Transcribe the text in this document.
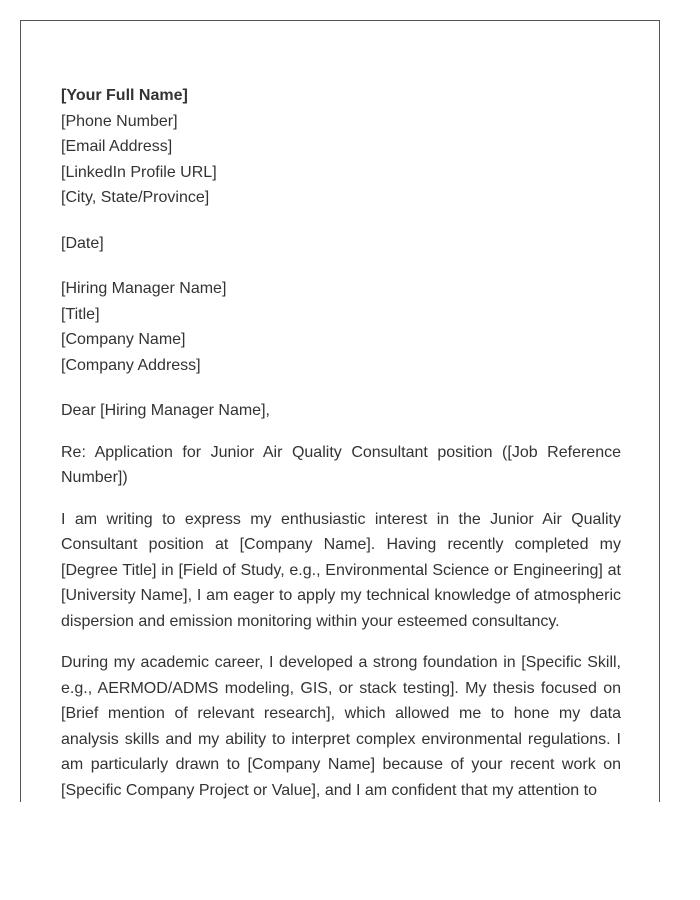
[Your Full Name]
[Phone Number]
[Email Address]
[LinkedIn Profile URL]
[City, State/Province]
[Date]
[Hiring Manager Name]
[Title]
[Company Name]
[Company Address]

Dear [Hiring Manager Name],

Re: Application for Junior Air Quality Consultant position ([Job Reference Number])

I am writing to express my enthusiastic interest in the Junior Air Quality Consultant position at [Company Name]. Having recently completed my [Degree Title] in [Field of Study, e.g., Environmental Science or Engineering] at [University Name], I am eager to apply my technical knowledge of atmospheric dispersion and emission monitoring within your esteemed consultancy.

During my academic career, I developed a strong foundation in [Specific Skill, e.g., AERMOD/ADMS modeling, GIS, or stack testing]. My thesis focused on [Brief mention of relevant research], which allowed me to hone my data analysis skills and my ability to interpret complex environmental regulations. I am particularly drawn to [Company Name] because of your recent work on [Specific Company Project or Value], and I am confident that my attention to
